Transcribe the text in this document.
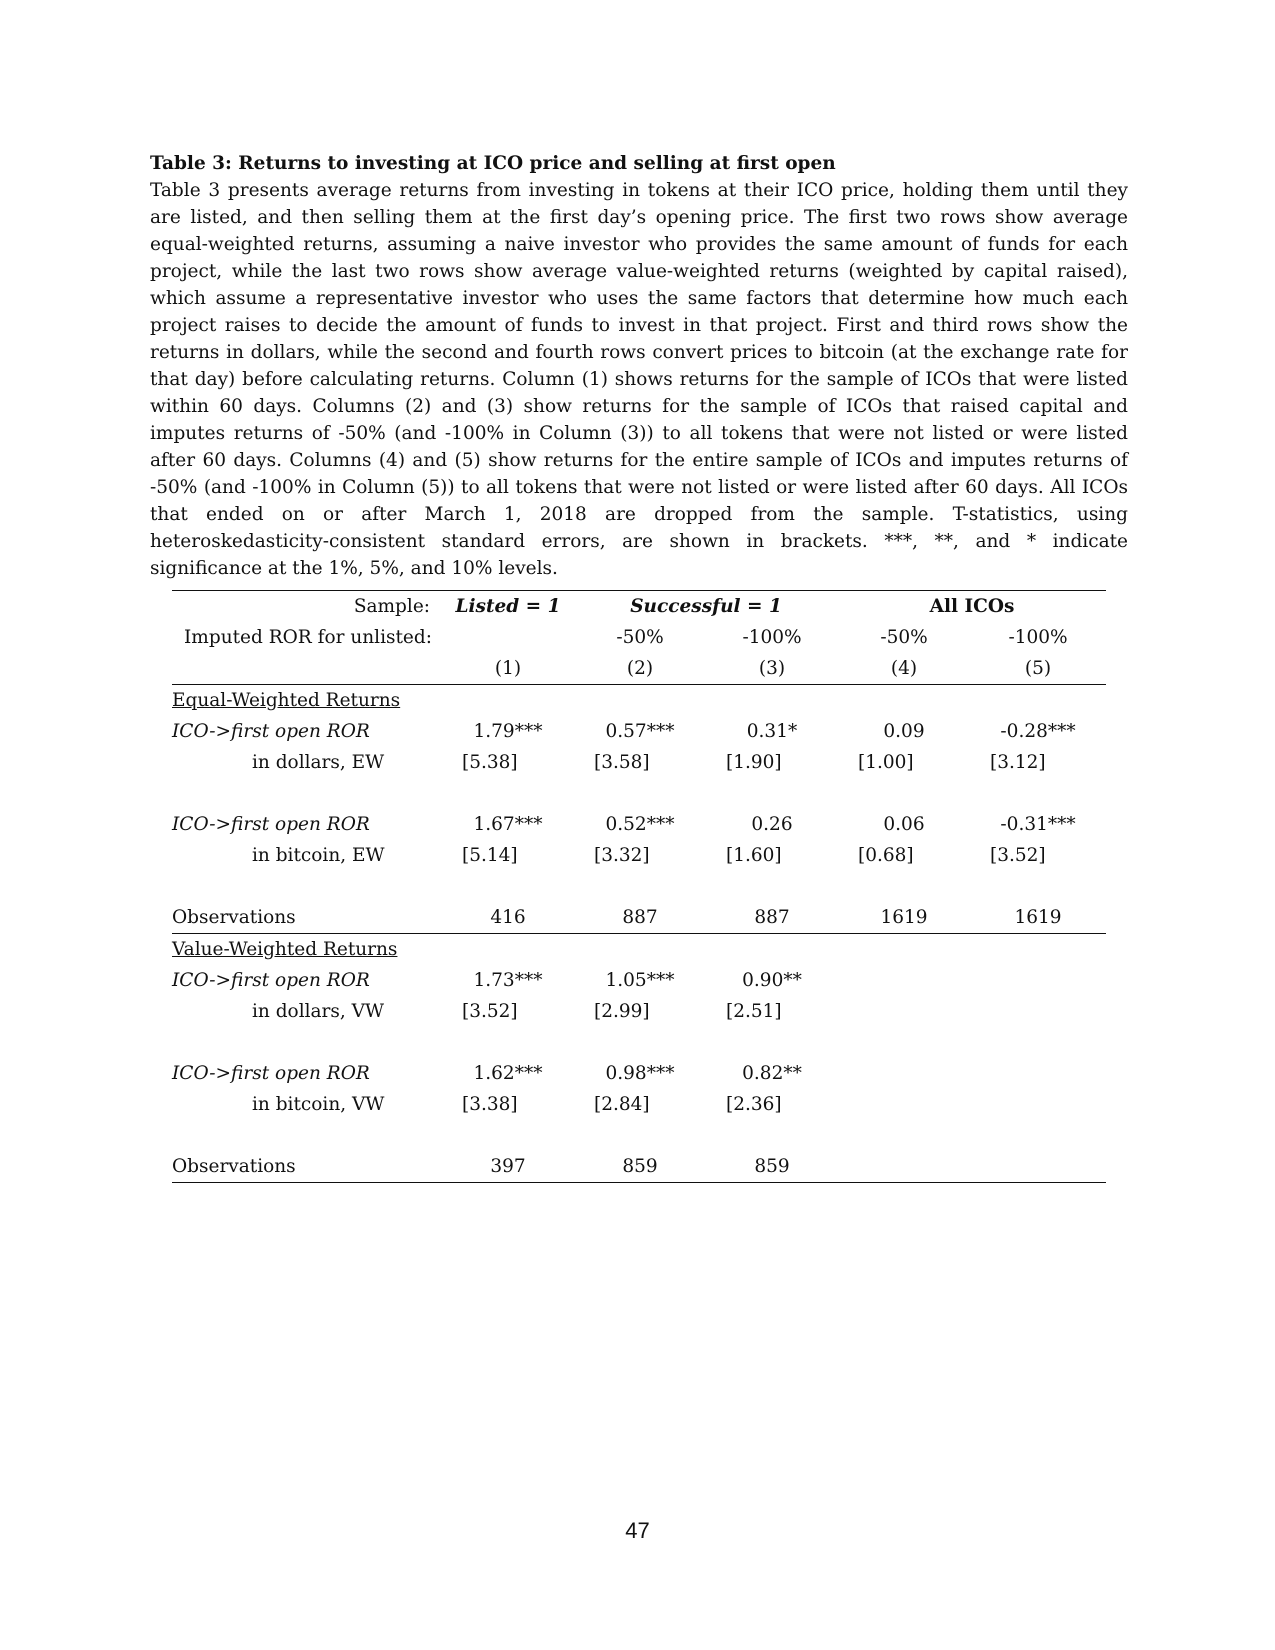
Table 3: Returns to investing at ICO price and selling at first open

Table 3 presents average returns from investing in tokens at their ICO price, holding them until they are listed, and then selling them at the first day’s opening price. The first two rows show average equal-weighted returns, assuming a naive investor who provides the same amount of funds for each project, while the last two rows show average value-weighted returns (weighted by capital raised), which assume a representative investor who uses the same factors that determine how much each project raises to decide the amount of funds to invest in that project. First and third rows show the returns in dollars, while the second and fourth rows convert prices to bitcoin (at the exchange rate for that day) before calculating returns. Column (1) shows returns for the sample of ICOs that were listed within 60 days. Columns (2) and (3) show returns for the sample of ICOs that raised capital and imputes returns of -50% (and -100% in Column (3)) to all tokens that were not listed or were listed after 60 days. Columns (4) and (5) show returns for the entire sample of ICOs and imputes returns of -50% (and -100% in Column (5)) to all tokens that were not listed or were listed after 60 days. All ICOs that ended on or after March 1, 2018 are dropped from the sample. T-statistics, using heteroskedasticity-consistent standard errors, are shown in brackets. ***, **, and * indicate significance at the 1%, 5%, and 10% levels.

Sample:	Listed = 1	Successful = 1		All ICOs	
Imputed ROR for unlisted:		-50%	-100%	-50%	-100%
	(1)	(2)	(3)	(4)	(5)
Equal-Weighted Returns					
ICO->first open ROR	1.79***	0.57***	0.31*	0.09	-0.28***
in dollars, EW	[5.38]	[3.58]	[1.90]	[1.00]	[3.12]

ICO->first open ROR	1.67***	0.52***	0.26	0.06	-0.31***
in bitcoin, EW	[5.14]	[3.32]	[1.60]	[0.68]	[3.52]

Observations	416	887	887	1619	1619
Value-Weighted Returns					
ICO->first open ROR	1.73***	1.05***	0.90**		
in dollars, VW	[3.52]	[2.99]	[2.51]		

ICO->first open ROR	1.62***	0.98***	0.82**		
in bitcoin, VW	[3.38]	[2.84]	[2.36]		

Observations	397	859	859		
47
